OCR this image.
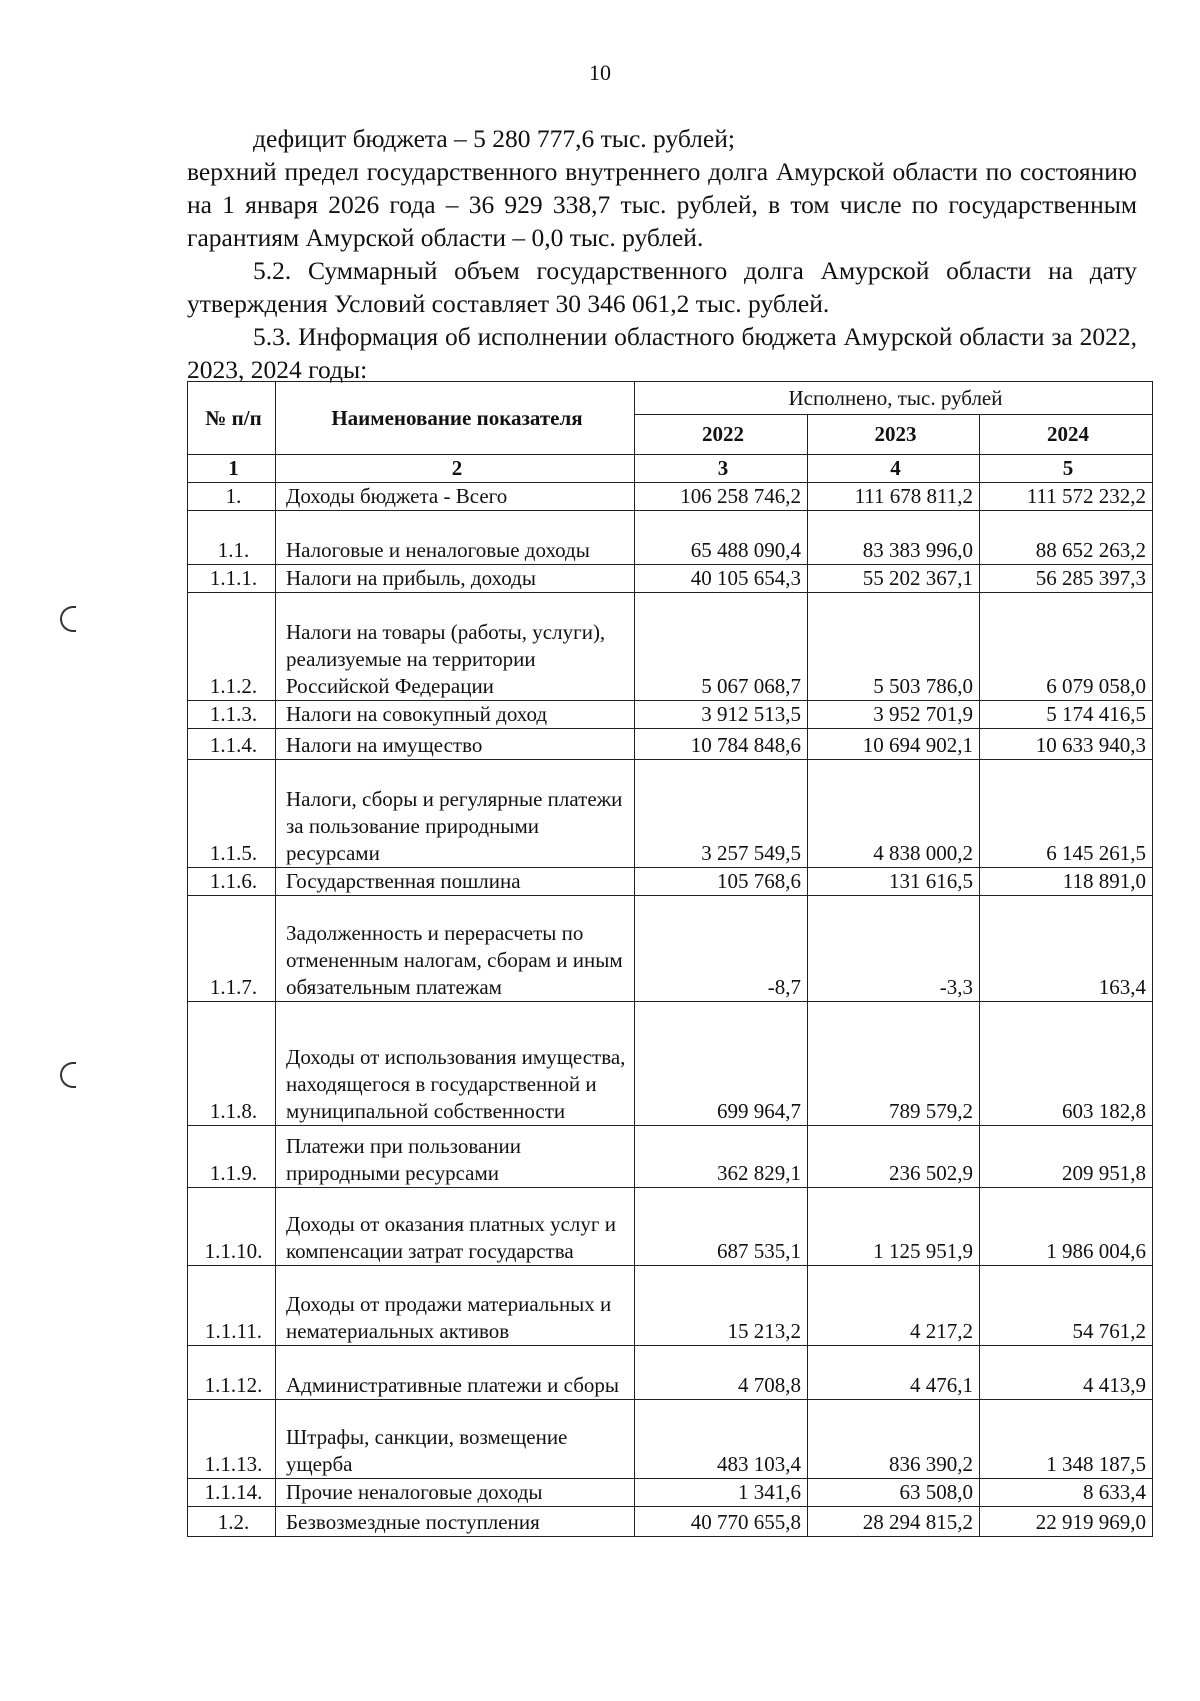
10

дефицит бюджета – 5 280 777,6 тыс. рублей;

верхний предел государственного внутреннего долга Амурской области по состоянию на 1 января 2026 года – 36 929 338,7 тыс. рублей, в том числе по государственным гарантиям Амурской области – 0,0 тыс. рублей.

5.2. Суммарный объем государственного долга Амурской области на дату утверждения Условий составляет 30 346 061,2 тыс. рублей.

5.3. Информация об исполнении областного бюджета Амурской области за 2022, 2023, 2024 годы:

№ п/п	Наименование показателя	Исполнено, тыс. рублей		
		2022	2023	2024
1	2	3	4	5
1.	Доходы бюджета - Всего	106 258 746,2	111 678 811,2	111 572 232,2
1.1.	Налоговые и неналоговые доходы	65 488 090,4	83 383 996,0	88 652 263,2
1.1.1.	Налоги на прибыль, доходы	40 105 654,3	55 202 367,1	56 285 397,3
1.1.2.	Налоги на товары (работы, услуги), реализуемые на территории Российской Федерации	5 067 068,7	5 503 786,0	6 079 058,0
1.1.3.	Налоги на совокупный доход	3 912 513,5	3 952 701,9	5 174 416,5
1.1.4.	Налоги на имущество	10 784 848,6	10 694 902,1	10 633 940,3
1.1.5.	Налоги, сборы и регулярные платежи за пользование природными ресурсами	3 257 549,5	4 838 000,2	6 145 261,5
1.1.6.	Государственная пошлина	105 768,6	131 616,5	118 891,0
1.1.7.	Задолженность и перерасчеты по отмененным налогам, сборам и иным обязательным платежам	-8,7	-3,3	163,4
1.1.8.	Доходы от использования имущества, находящегося в государственной и муниципальной собственности	699 964,7	789 579,2	603 182,8
1.1.9.	Платежи при пользовании природными ресурсами	362 829,1	236 502,9	209 951,8
1.1.10.	Доходы от оказания платных услуг и компенсации затрат государства	687 535,1	1 125 951,9	1 986 004,6
1.1.11.	Доходы от продажи материальных и нематериальных активов	15 213,2	4 217,2	54 761,2
1.1.12.	Административные платежи и сборы	4 708,8	4 476,1	4 413,9
1.1.13.	Штрафы, санкции, возмещение ущерба	483 103,4	836 390,2	1 348 187,5
1.1.14.	Прочие неналоговые доходы	1 341,6	63 508,0	8 633,4
1.2.	Безвозмездные поступления	40 770 655,8	28 294 815,2	22 919 969,0
